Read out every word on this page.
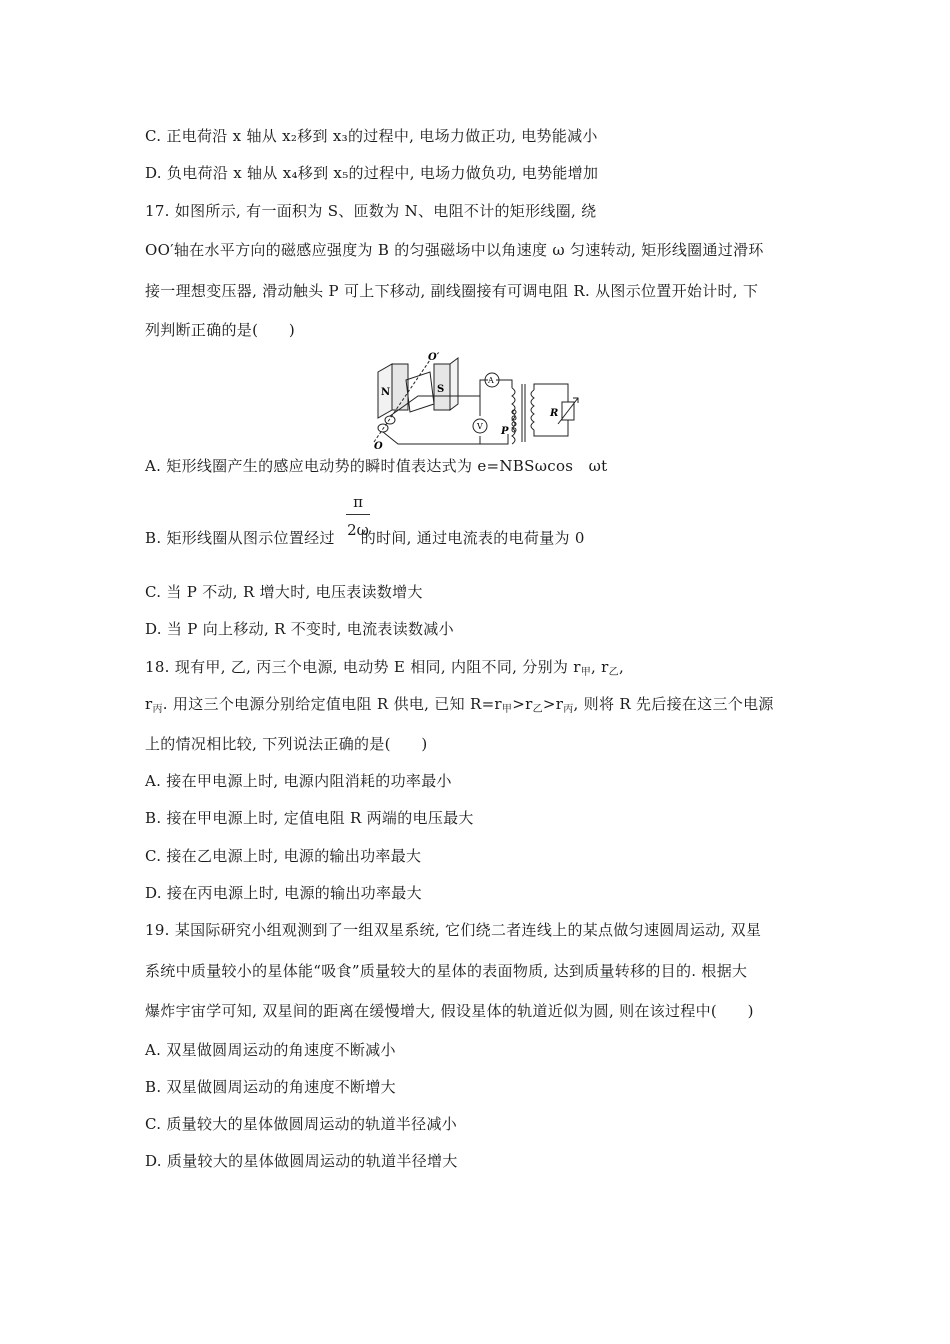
C. 正电荷沿 x 轴从 x₂移到 x₃的过程中, 电场力做正功, 电势能减小
D. 负电荷沿 x 轴从 x₄移到 x₅的过程中, 电场力做负功, 电势能增加
17. 如图所示, 有一面积为 S、匝数为 N、电阻不计的矩形线圈, 绕
OO′轴在水平方向的磁感应强度为 B 的匀强磁场中以角速度 ω 匀速转动, 矩形线圈通过滑环
接一理想变压器, 滑动触头 P 可上下移动, 副线圈接有可调电阻 R. 从图示位置开始计时, 下
列判断正确的是(　　)
N	S
O′
O
A
V P
R
A. 矩形线圈产生的感应电动势的瞬时值表达式为 e=NBSωcos　ωt
B. 矩形线圈从图示位置经过 的时间, 通过电流表的电荷量为 0
π
2ω
C. 当 P 不动, R 增大时, 电压表读数增大
D. 当 P 向上移动, R 不变时, 电流表读数减小
18. 现有甲, 乙, 丙三个电源, 电动势 E 相同, 内阻不同, 分别为 $r_甲$, $r_乙$,
$r_丙$. 用这三个电源分别给定值电阻 R 供电, 已知 $R=r_甲>r_乙>r_丙$, 则将 R 先后接在这三个电源
上的情况相比较, 下列说法正确的是(　　)
A. 接在甲电源上时, 电源内阻消耗的功率最小
B. 接在甲电源上时, 定值电阻 R 两端的电压最大
C. 接在乙电源上时, 电源的输出功率最大
D. 接在丙电源上时, 电源的输出功率最大
19. 某国际研究小组观测到了一组双星系统, 它们绕二者连线上的某点做匀速圆周运动, 双星
系统中质量较小的星体能“吸食”质量较大的星体的表面物质, 达到质量转移的目的. 根据大
爆炸宇宙学可知, 双星间的距离在缓慢增大, 假设星体的轨道近似为圆, 则在该过程中(　　)
A. 双星做圆周运动的角速度不断减小
B. 双星做圆周运动的角速度不断增大
C. 质量较大的星体做圆周运动的轨道半径减小
D. 质量较大的星体做圆周运动的轨道半径增大
